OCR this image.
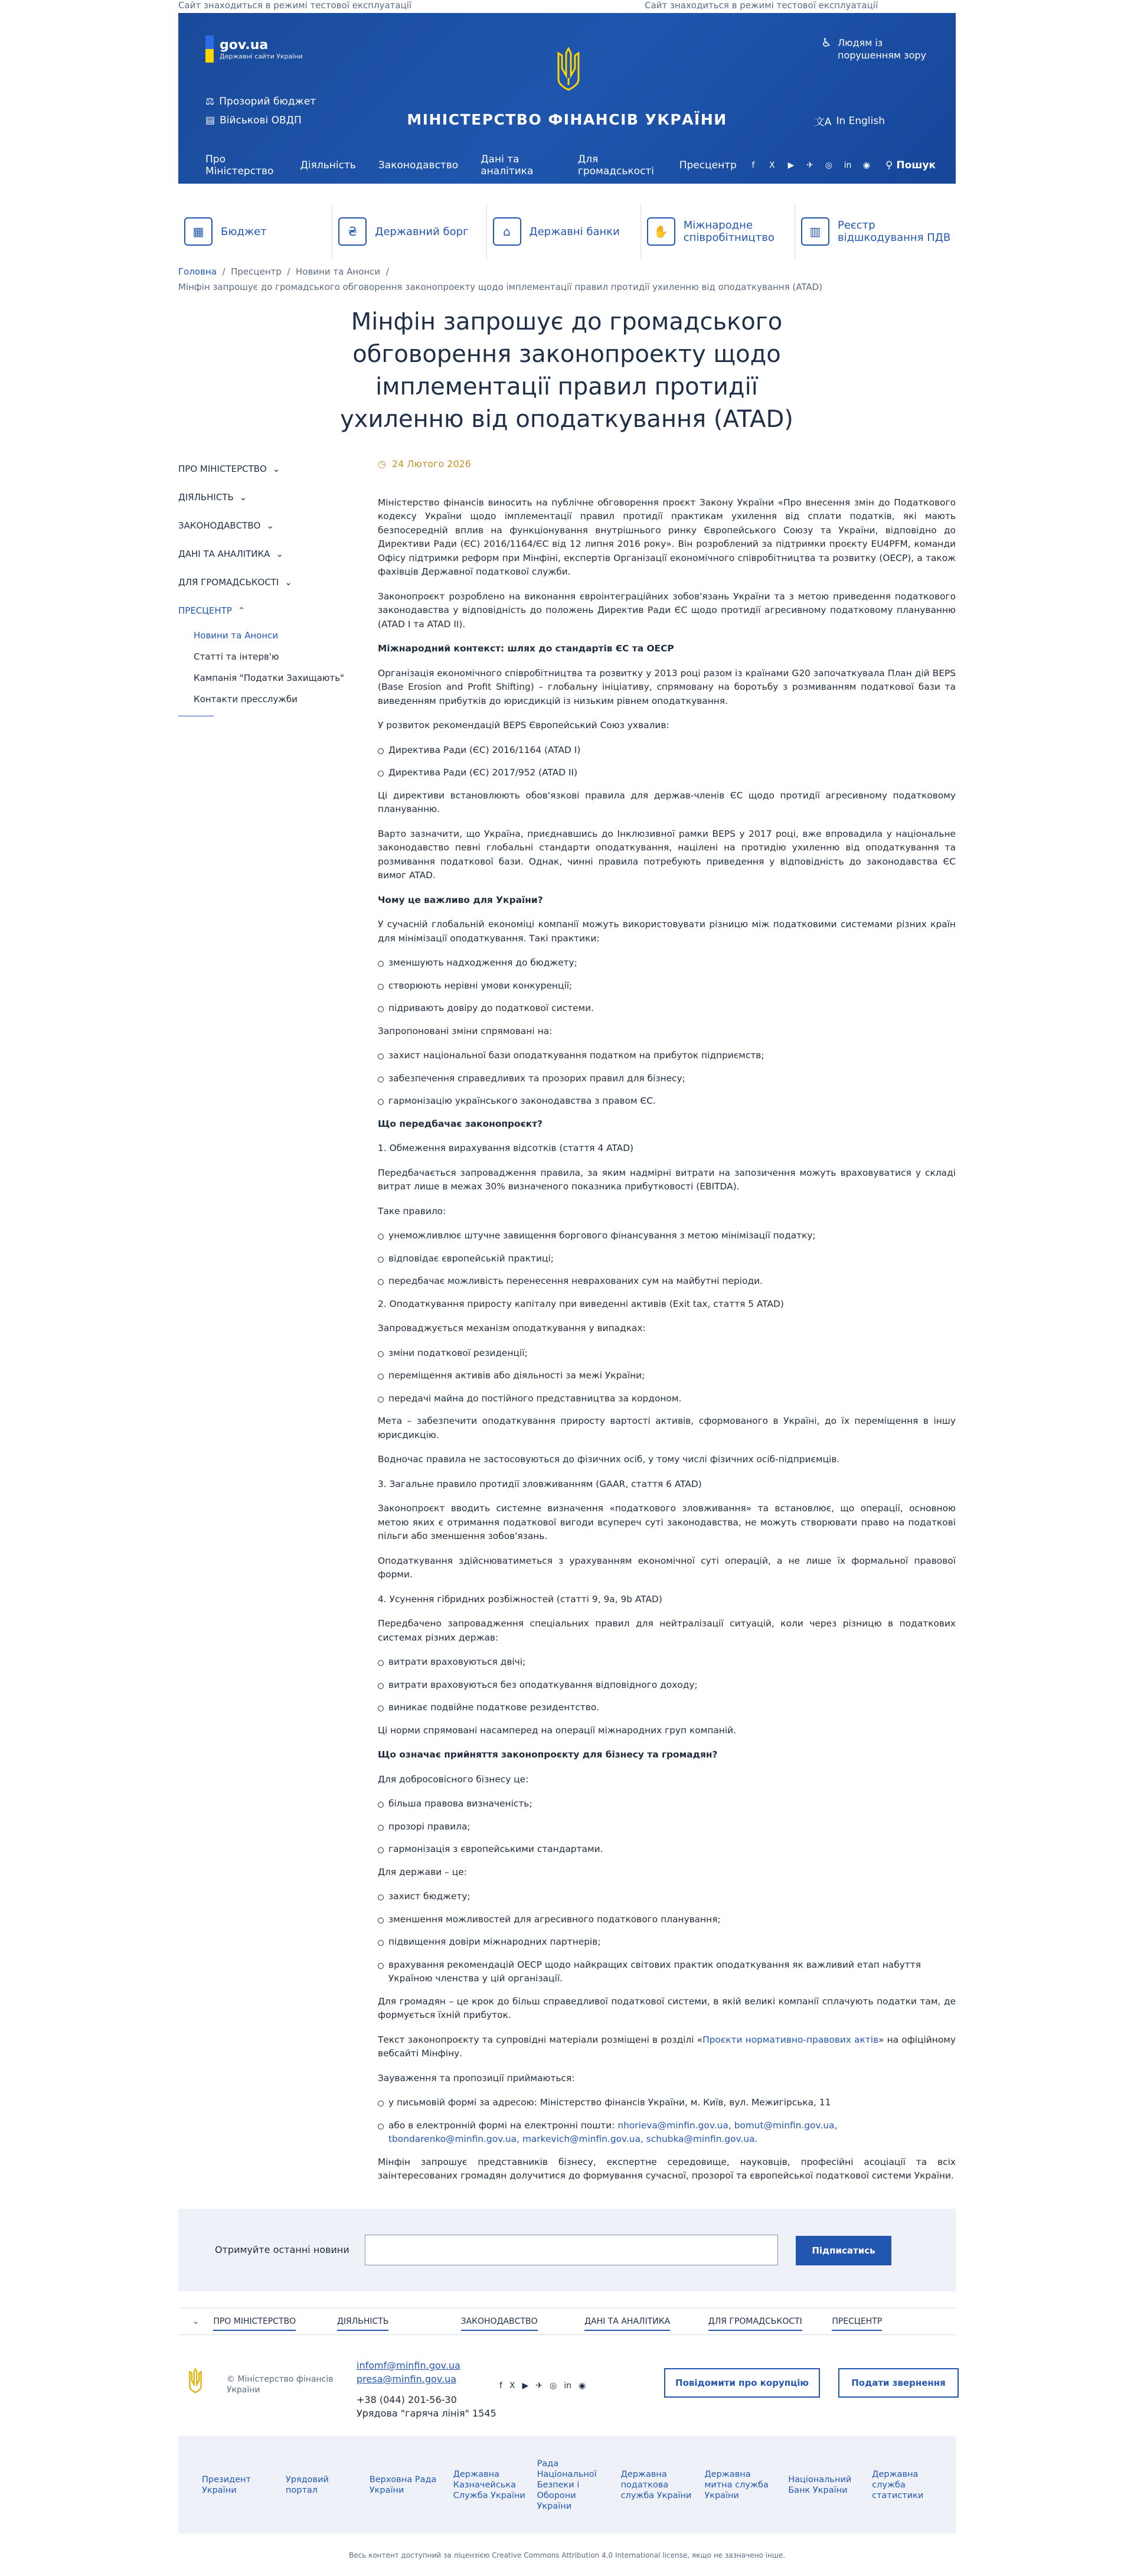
Сайт знаходиться в режимі тестової експлуатації	Сайт знаходиться в режимі тестової експлуатації
gov.ua
Державні сайти України
⚖ Прозорий бюджет
▤ Військові ОВДП	МІНІСТЕРСТВО ФІНАНСІВ УКРАЇНИ
♿ Людям із
порушенням зору
文A In English
Про Міністерство	Діяльність Законодавство Дані та аналітика
Для громадськості	Пресцентр	f	X	▶	✈ ◎ in ◉ ⚲ Пошук
▦	Бюджет	₴	Державний борг	⌂	Державні банки	✋	Міжнародне співробітництво	▥	Реєстр відшкодування ПДВ
Головна  /  Пресцентр  /  Новини та Анонси  /
Мінфін запрошує до громадського обговорення законопроекту щодо імплементації правил протидії ухиленню від оподаткування (ATAD)
Мінфін запрошує до громадського обговорення законопроекту щодо імплементації правил протидії ухиленню від оподаткування (ATAD)
ПРО МІНІСТЕРСТВО ⌄
ДІЯЛЬНІСТЬ ⌄
ЗАКОНОДАВСТВО ⌄
ДАНІ ТА АНАЛІТИКА ⌄
ДЛЯ ГРОМАДСЬКОСТІ ⌄
ПРЕСЦЕНТР ⌃
Новини та Анонси
Статті та інтерв'ю
Кампанія "Податки Захищають"
Контакти пресслужби
◷ 24 Лютого 2026

Міністерство фінансів виносить на публічне обговорення проєкт Закону України «Про внесення змін до Податкового кодексу України щодо імплементації правил протидії практикам ухилення від сплати податків, які мають безпосередній вплив на функціонування внутрішнього ринку Європейського Союзу та України, відповідно до Директиви Ради (ЄС) 2016/1164/ЄС від 12 липня 2016 року». Він розроблений за підтримки проєкту EU4PFM, команди Офісу підтримки реформ при Мінфіні, експертів Організації економічного співробітництва та розвитку (ОЕСР), а також фахівців Державної податкової служби.

Законопроєкт розроблено на виконання євроінтеграційних зобов'язань України та з метою приведення податкового законодавства у відповідність до положень Директив Ради ЄС щодо протидії агресивному податковому плануванню (ATAD I та ATAD II).

Міжнародний контекст: шлях до стандартів ЄС та ОЕСР

Організація економічного співробітництва та розвитку у 2013 році разом із країнами G20 започаткувала План дій BEPS (Base Erosion and Profit Shifting) – глобальну ініціативу, спрямовану на боротьбу з розмиванням податкової бази та виведенням прибутків до юрисдикцій із низьким рівнем оподаткування.

У розвиток рекомендацій BEPS Європейський Союз ухвалив:

Директива Ради (ЄС) 2016/1164 (ATAD I)
Директива Ради (ЄС) 2017/952 (ATAD II)

Ці директиви встановлюють обов'язкові правила для держав-членів ЄС щодо протидії агресивному податковому плануванню.

Варто зазначити, що Україна, приєднавшись до Інклюзивної рамки BEPS у 2017 році, вже впровадила у національне законодавство певні глобальні стандарти оподаткування, націлені на протидію ухиленню від оподаткування та розмивання податкової бази. Однак, чинні правила потребують приведення у відповідність до законодавства ЄС вимог ATAD.

Чому це важливо для України?

У сучасній глобальній економіці компанії можуть використовувати різницю між податковими системами різних країн для мінімізації оподаткування. Такі практики:

зменшують надходження до бюджету;
створюють нерівні умови конкуренції;
підривають довіру до податкової системи.

Запропоновані зміни спрямовані на:

захист національної бази оподаткування податком на прибуток підприємств;
забезпечення справедливих та прозорих правил для бізнесу;
гармонізацію українського законодавства з правом ЄС.

Що передбачає законопроєкт?

1. Обмеження вирахування відсотків (стаття 4 ATAD)

Передбачається запровадження правила, за яким надмірні витрати на запозичення можуть враховуватися у складі витрат лише в межах 30% визначеного показника прибутковості (EBITDA).

Таке правило:

унеможливлює штучне завищення боргового фінансування з метою мінімізації податку;
відповідає європейській практиці;
передбачає можливість перенесення неврахованих сум на майбутні періоди.

2. Оподаткування приросту капіталу при виведенні активів (Exit tax, стаття 5 ATAD)

Запроваджується механізм оподаткування у випадках:

зміни податкової резиденції;
переміщення активів або діяльності за межі України;
передачі майна до постійного представництва за кордоном.

Мета – забезпечити оподаткування приросту вартості активів, сформованого в Україні, до їх переміщення в іншу юрисдикцію.

Водночас правила не застосовуються до фізичних осіб, у тому числі фізичних осіб-підприємців.

3. Загальне правило протидії зловживанням (GAAR, стаття 6 ATAD)

Законопроєкт вводить системне визначення «податкового зловживання» та встановлює, що операції, основною метою яких є отримання податкової вигоди всупереч суті законодавства, не можуть створювати право на податкові пільги або зменшення зобов'язань.

Оподаткування здійснюватиметься з урахуванням економічної суті операцій, а не лише їх формальної правової форми.

4. Усунення гібридних розбіжностей (статті 9, 9a, 9b ATAD)

Передбачено запровадження спеціальних правил для нейтралізації ситуацій, коли через різницю в податкових системах різних держав:

витрати враховуються двічі;
витрати враховуються без оподаткування відповідного доходу;
виникає подвійне податкове резидентство.

Ці норми спрямовані насамперед на операції міжнародних груп компаній.

Що означає прийняття законопроєкту для бізнесу та громадян?

Для добросовісного бізнесу це:

більша правова визначеність;
прозорі правила;
гармонізація з європейськими стандартами.

Для держави – це:

захист бюджету;
зменшення можливостей для агресивного податкового планування;
підвищення довіри міжнародних партнерів;
врахування рекомендацій ОЕСР щодо найкращих світових практик оподаткування як важливий етап набуття Україною членства у цій організації.

Для громадян – це крок до більш справедливої податкової системи, в якій великі компанії сплачують податки там, де формується їхній прибуток.

Текст законопроєкту та супровідні матеріали розміщені в розділі «Проєкти нормативно-правових актів» на офіційному вебсайті Мінфіну.

Зауваження та пропозиції приймаються:

у письмовій формі за адресою: Міністерство фінансів України, м. Київ, вул. Межигірська, 11
або в електронній формі на електронні пошти: nhorieva@minfin.gov.ua, bomut@minfin.gov.ua, tbondarenko@minfin.gov.ua, markevich@minfin.gov.ua, schubka@minfin.gov.ua.

Мінфін запрошує представників бізнесу, експертне середовище, науковців, професійні асоціації та всіх заінтересованих громадян долучитися до формування сучасної, прозорої та європейської податкової системи України.

Отримуйте останні новини	Підписатись
⌄	ПРО МІНІСТЕРСТВО	ДІЯЛЬНІСТЬ	ЗАКОНОДАВСТВО	ДАНІ ТА АНАЛІТИКА	ДЛЯ ГРОМАДСЬКОСТІ	ПРЕСЦЕНТР
© Міністерство фінансів
України
infomf@minfin.gov.ua
presa@minfin.gov.ua
+38 (044) 201-56-30
Урядова "гаряча лінія" 1545
f X ▶ ✈ ◎ in ◉	Повідомити про корупцію	Подати звернення
Президент України
Урядовий портал
Верховна Рада України
Державна Казначейська Служба України
Рада Національної Безпеки і Оборони України
Державна податкова служба України
Державна митна служба України
Національний Банк України
Державна служба статистики
Весь контент доступний за ліцензією Creative Commons Attribution 4.0 International license, якщо не зазначено інше.
